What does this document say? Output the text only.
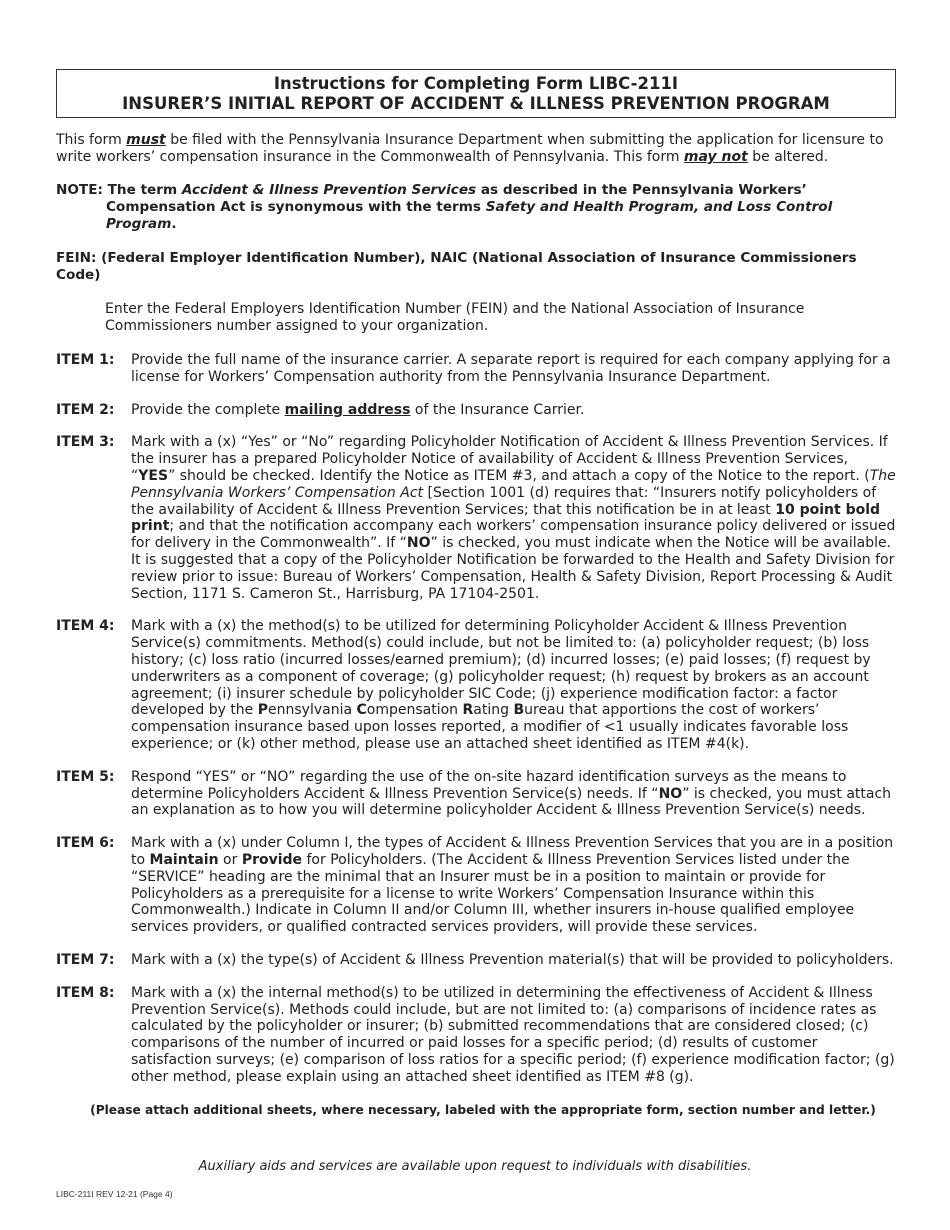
Instructions for Completing Form LIBC-211I
INSURER’S INITIAL REPORT OF ACCIDENT & ILLNESS PREVENTION PROGRAM

This form must be filed with the Pennsylvania Insurance Department when submitting the application for licensure to write workers’ compensation insurance in the Commonwealth of Pennsylvania. This form may not be altered.

NOTE: The term Accident & Illness Prevention Services as described in the Pennsylvania Workers’
Compensation Act is synonymous with the terms Safety and Health Program, and Loss Control Program.

FEIN: (Federal Employer Identification Number), NAIC (National Association of Insurance Commissioners Code)

Enter the Federal Employers Identification Number (FEIN) and the National Association of Insurance Commissioners number assigned to your organization.

ITEM 1:	Provide the full name of the insurance carrier. A separate report is required for each company applying for a license for Workers’ Compensation authority from the Pennsylvania Insurance Department.
ITEM 2:	Provide the complete mailing address of the Insurance Carrier.
ITEM 3:	Mark with a (x) “Yes” or “No” regarding Policyholder Notification of Accident & Illness Prevention Services. If the insurer has a prepared Policyholder Notice of availability of Accident & Illness Prevention Services, “YES” should be checked. Identify the Notice as ITEM #3, and attach a copy of the Notice to the report. (The Pennsylvania Workers’ Compensation Act [Section 1001 (d) requires that: “Insurers notify policyholders of the availability of Accident & Illness Prevention Services; that this notification be in at least 10 point bold print; and that the notification accompany each workers’ compensation insurance policy delivered or issued for delivery in the Commonwealth”. If “NO” is checked, you must indicate when the Notice will be available. It is suggested that a copy of the Policyholder Notification be forwarded to the Health and Safety Division for review prior to issue: Bureau of Workers’ Compensation, Health & Safety Division, Report Processing & Audit Section, 1171 S. Cameron St., Harrisburg, PA 17104-2501.
ITEM 4:	Mark with a (x) the method(s) to be utilized for determining Policyholder Accident & Illness Prevention Service(s) commitments. Method(s) could include, but not be limited to: (a) policyholder request; (b) loss history; (c) loss ratio (incurred losses/earned premium); (d) incurred losses; (e) paid losses; (f) request by underwriters as a component of coverage; (g) policyholder request; (h) request by brokers as an account agreement; (i) insurer schedule by policyholder SIC Code; (j) experience modification factor: a factor developed by the Pennsylvania Compensation Rating Bureau that apportions the cost of workers’ compensation insurance based upon losses reported, a modifier of <1 usually indicates favorable loss experience; or (k) other method, please use an attached sheet identified as ITEM #4(k).
ITEM 5:	Respond “YES” or “NO” regarding the use of the on-site hazard identification surveys as the means to determine Policyholders Accident & Illness Prevention Service(s) needs. If “NO” is checked, you must attach an explanation as to how you will determine policyholder Accident & Illness Prevention Service(s) needs.
ITEM 6:	Mark with a (x) under Column I, the types of Accident & Illness Prevention Services that you are in a position to Maintain or Provide for Policyholders. (The Accident & Illness Prevention Services listed under the “SERVICE” heading are the minimal that an Insurer must be in a position to maintain or provide for Policyholders as a prerequisite for a license to write Workers’ Compensation Insurance within this Commonwealth.) Indicate in Column II and/or Column III, whether insurers in-house qualified employee services providers, or qualified contracted services providers, will provide these services.
ITEM 7:	Mark with a (x) the type(s) of Accident & Illness Prevention material(s) that will be provided to policyholders.
ITEM 8:	Mark with a (x) the internal method(s) to be utilized in determining the effectiveness of Accident & Illness Prevention Service(s). Methods could include, but are not limited to: (a) comparisons of incidence rates as calculated by the policyholder or insurer; (b) submitted recommendations that are considered closed; (c) comparisons of the number of incurred or paid losses for a specific period; (d) results of customer satisfaction surveys; (e) comparison of loss ratios for a specific period; (f) experience modification factor; (g) other method, please explain using an attached sheet identified as ITEM #8 (g).

(Please attach additional sheets, where necessary, labeled with the appropriate form, section number and letter.)

Auxiliary aids and services are available upon request to individuals with disabilities.
LIBC-211I REV 12-21 (Page 4)
